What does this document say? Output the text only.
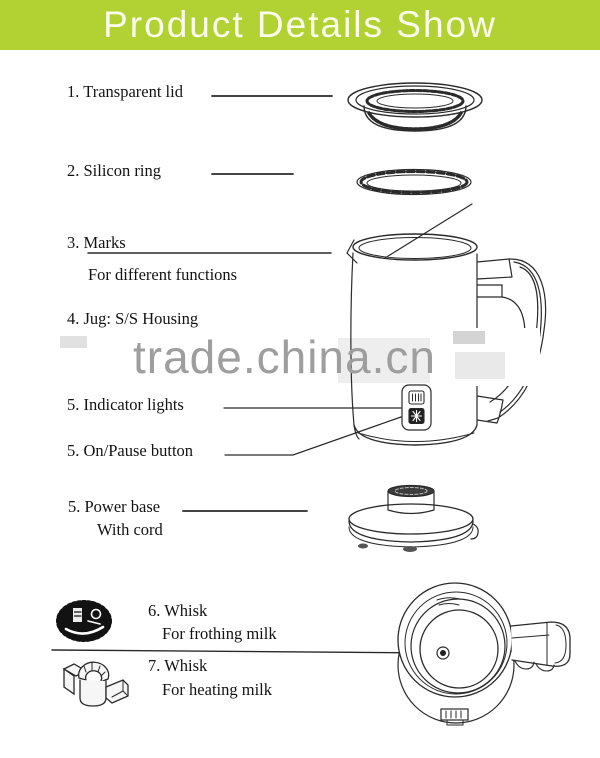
Product Details Show
trade.china.cn
1. Transparent lid
2. Silicon ring
3. Marks
For different functions
4. Jug: S/S Housing
5. Indicator lights
5. On/Pause button
5. Power base
With cord
6. Whisk
For frothing milk
7. Whisk
For heating milk
